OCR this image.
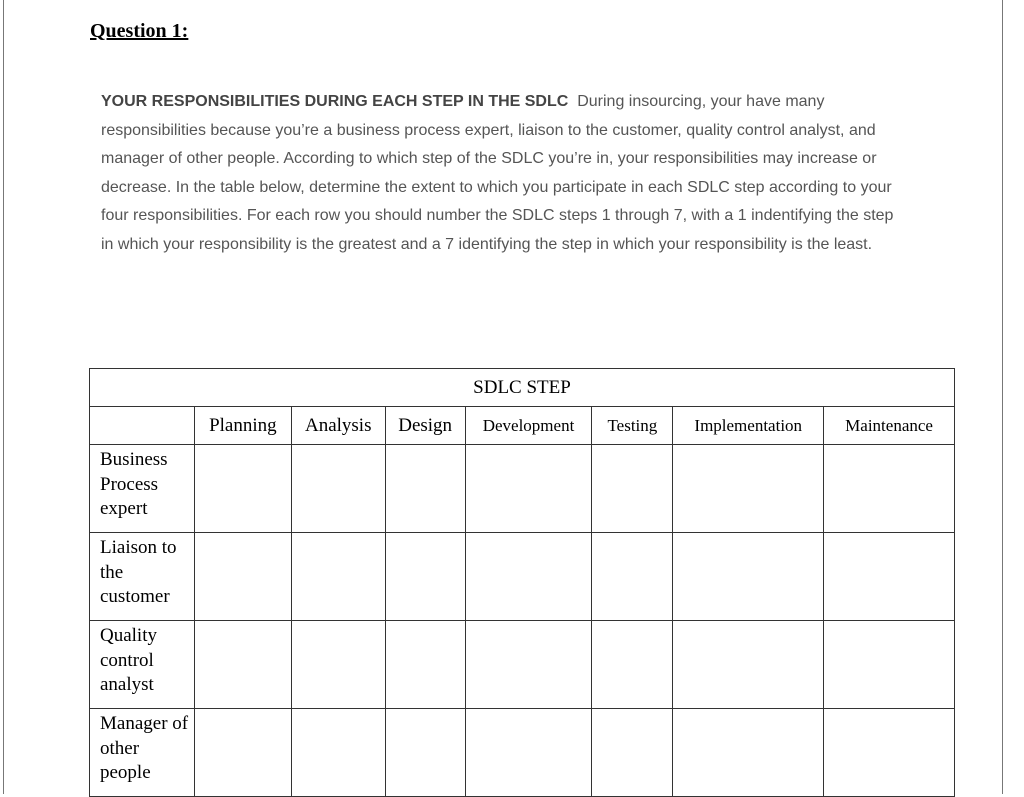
Question 1:

YOUR RESPONSIBILITIES DURING EACH STEP IN THE SDLC During insourcing, your have many responsibilities because you’re a business process expert, liaison to the customer, quality control analyst, and manager of other people. According to which step of the SDLC you’re in, your responsibilities may increase or decrease. In the table below, determine the extent to which you participate in each SDLC step according to your four responsibilities. For each row you should number the SDLC steps 1 through 7, with a 1 indentifying the step in which your responsibility is the greatest and a 7 identifying the step in which your responsibility is the least.

SDLC STEP							
	Planning	Analysis	Design	Development	Testing	Implementation	Maintenance
Business Process expert							
Liaison to the customer							
Quality control analyst							
Manager of other people							
